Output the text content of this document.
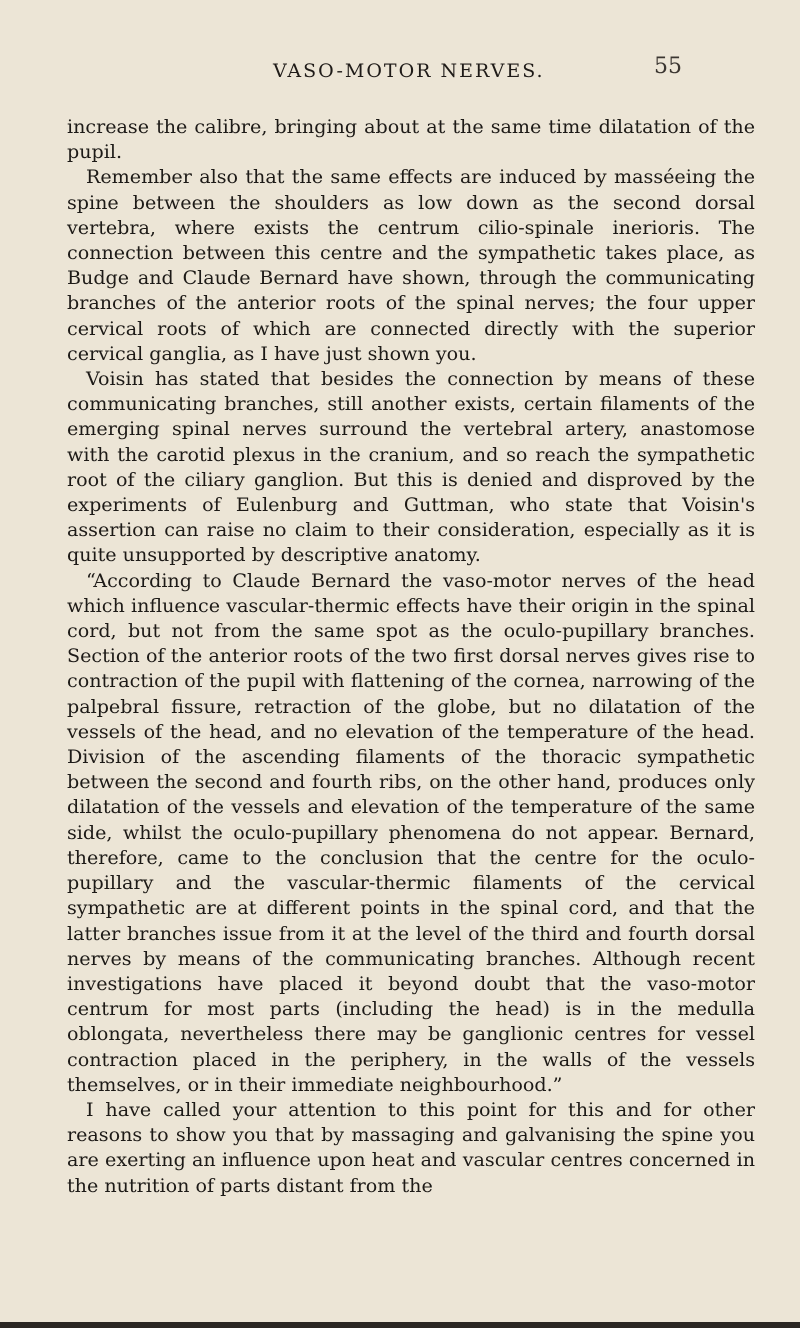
VASO-MOTOR NERVES.	55

increase the calibre, bringing about at the same time dilatation of the pupil.

Remember also that the same effects are induced by masséeing the spine between the shoulders as low down as the second dorsal vertebra, where exists the centrum cilio-spinale inerioris. The connection between this centre and the sympathetic takes place, as Budge and Claude Bernard have shown, through the communicating branches of the anterior roots of the spinal nerves; the four upper cervical roots of which are connected directly with the superior cervical ganglia, as I have just shown you.

Voisin has stated that besides the connection by means of these communicating branches, still another exists, certain filaments of the emerging spinal nerves surround the vertebral artery, anastomose with the carotid plexus in the cranium, and so reach the sympathetic root of the ciliary ganglion. But this is denied and disproved by the experiments of Eulenburg and Guttman, who state that Voisin's assertion can raise no claim to their consideration, especially as it is quite unsupported by descriptive anatomy.

“According to Claude Bernard the vaso-motor nerves of the head which influence vascular-thermic effects have their origin in the spinal cord, but not from the same spot as the oculo-pupillary branches. Section of the anterior roots of the two first dorsal nerves gives rise to contraction of the pupil with flattening of the cornea, narrowing of the palpebral fissure, retraction of the globe, but no dilatation of the vessels of the head, and no elevation of the temperature of the head. Division of the ascending filaments of the thoracic sympathetic between the second and fourth ribs, on the other hand, produces only dilatation of the vessels and elevation of the temperature of the same side, whilst the oculo-pupillary phenomena do not appear. Bernard, therefore, came to the conclusion that the centre for the oculo-pupillary and the vascular-thermic filaments of the cervical sympathetic are at different points in the spinal cord, and that the latter branches issue from it at the level of the third and fourth dorsal nerves by means of the communicating branches. Although recent investigations have placed it beyond doubt that the vaso-motor centrum for most parts (including the head) is in the medulla oblongata, nevertheless there may be ganglionic centres for vessel contraction placed in the periphery, in the walls of the vessels themselves, or in their immediate neighbourhood.”

I have called your attention to this point for this and for other reasons to show you that by massaging and galvanising the spine you are exerting an influence upon heat and vascular centres concerned in the nutrition of parts distant from the
